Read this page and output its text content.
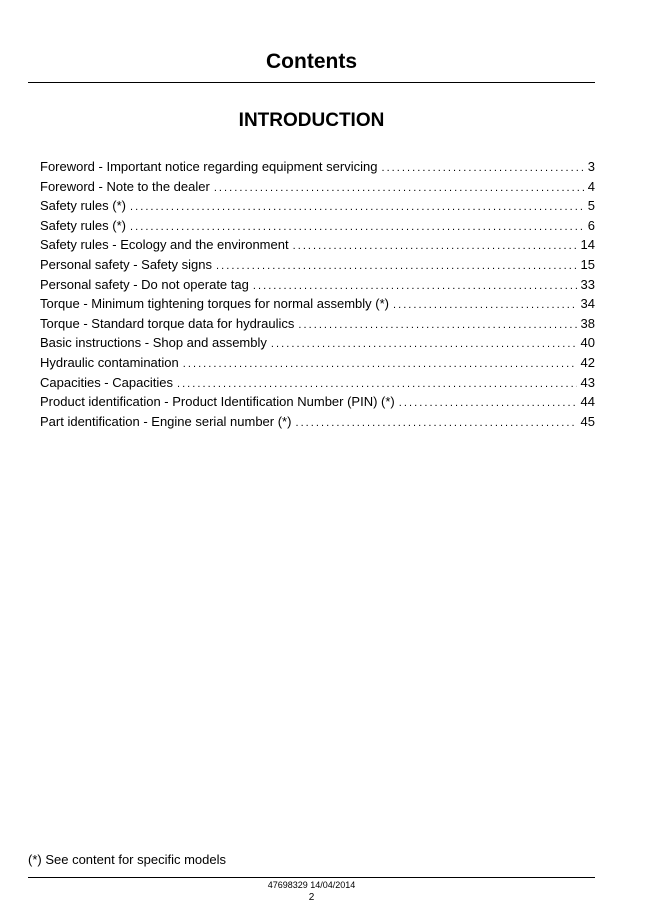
Contents
INTRODUCTION
Foreword - Important notice regarding equipment servicing . . .	3
Foreword - Note to the dealer . . .	4
Safety rules (*) . . .	5
Safety rules (*) . . .	6
Safety rules - Ecology and the environment . . .	14
Personal safety - Safety signs . . .	15
Personal safety - Do not operate tag . . .	33
Torque - Minimum tightening torques for normal assembly (*) . . .	34
Torque - Standard torque data for hydraulics . . .	38
Basic instructions - Shop and assembly . . .	40
Hydraulic contamination . . .	42
Capacities - Capacities . . .	43
Product identification - Product Identification Number (PIN) (*) . . .	44
Part identification - Engine serial number (*) . . .	45
(*) See content for specific models
47698329 14/04/2014
2
